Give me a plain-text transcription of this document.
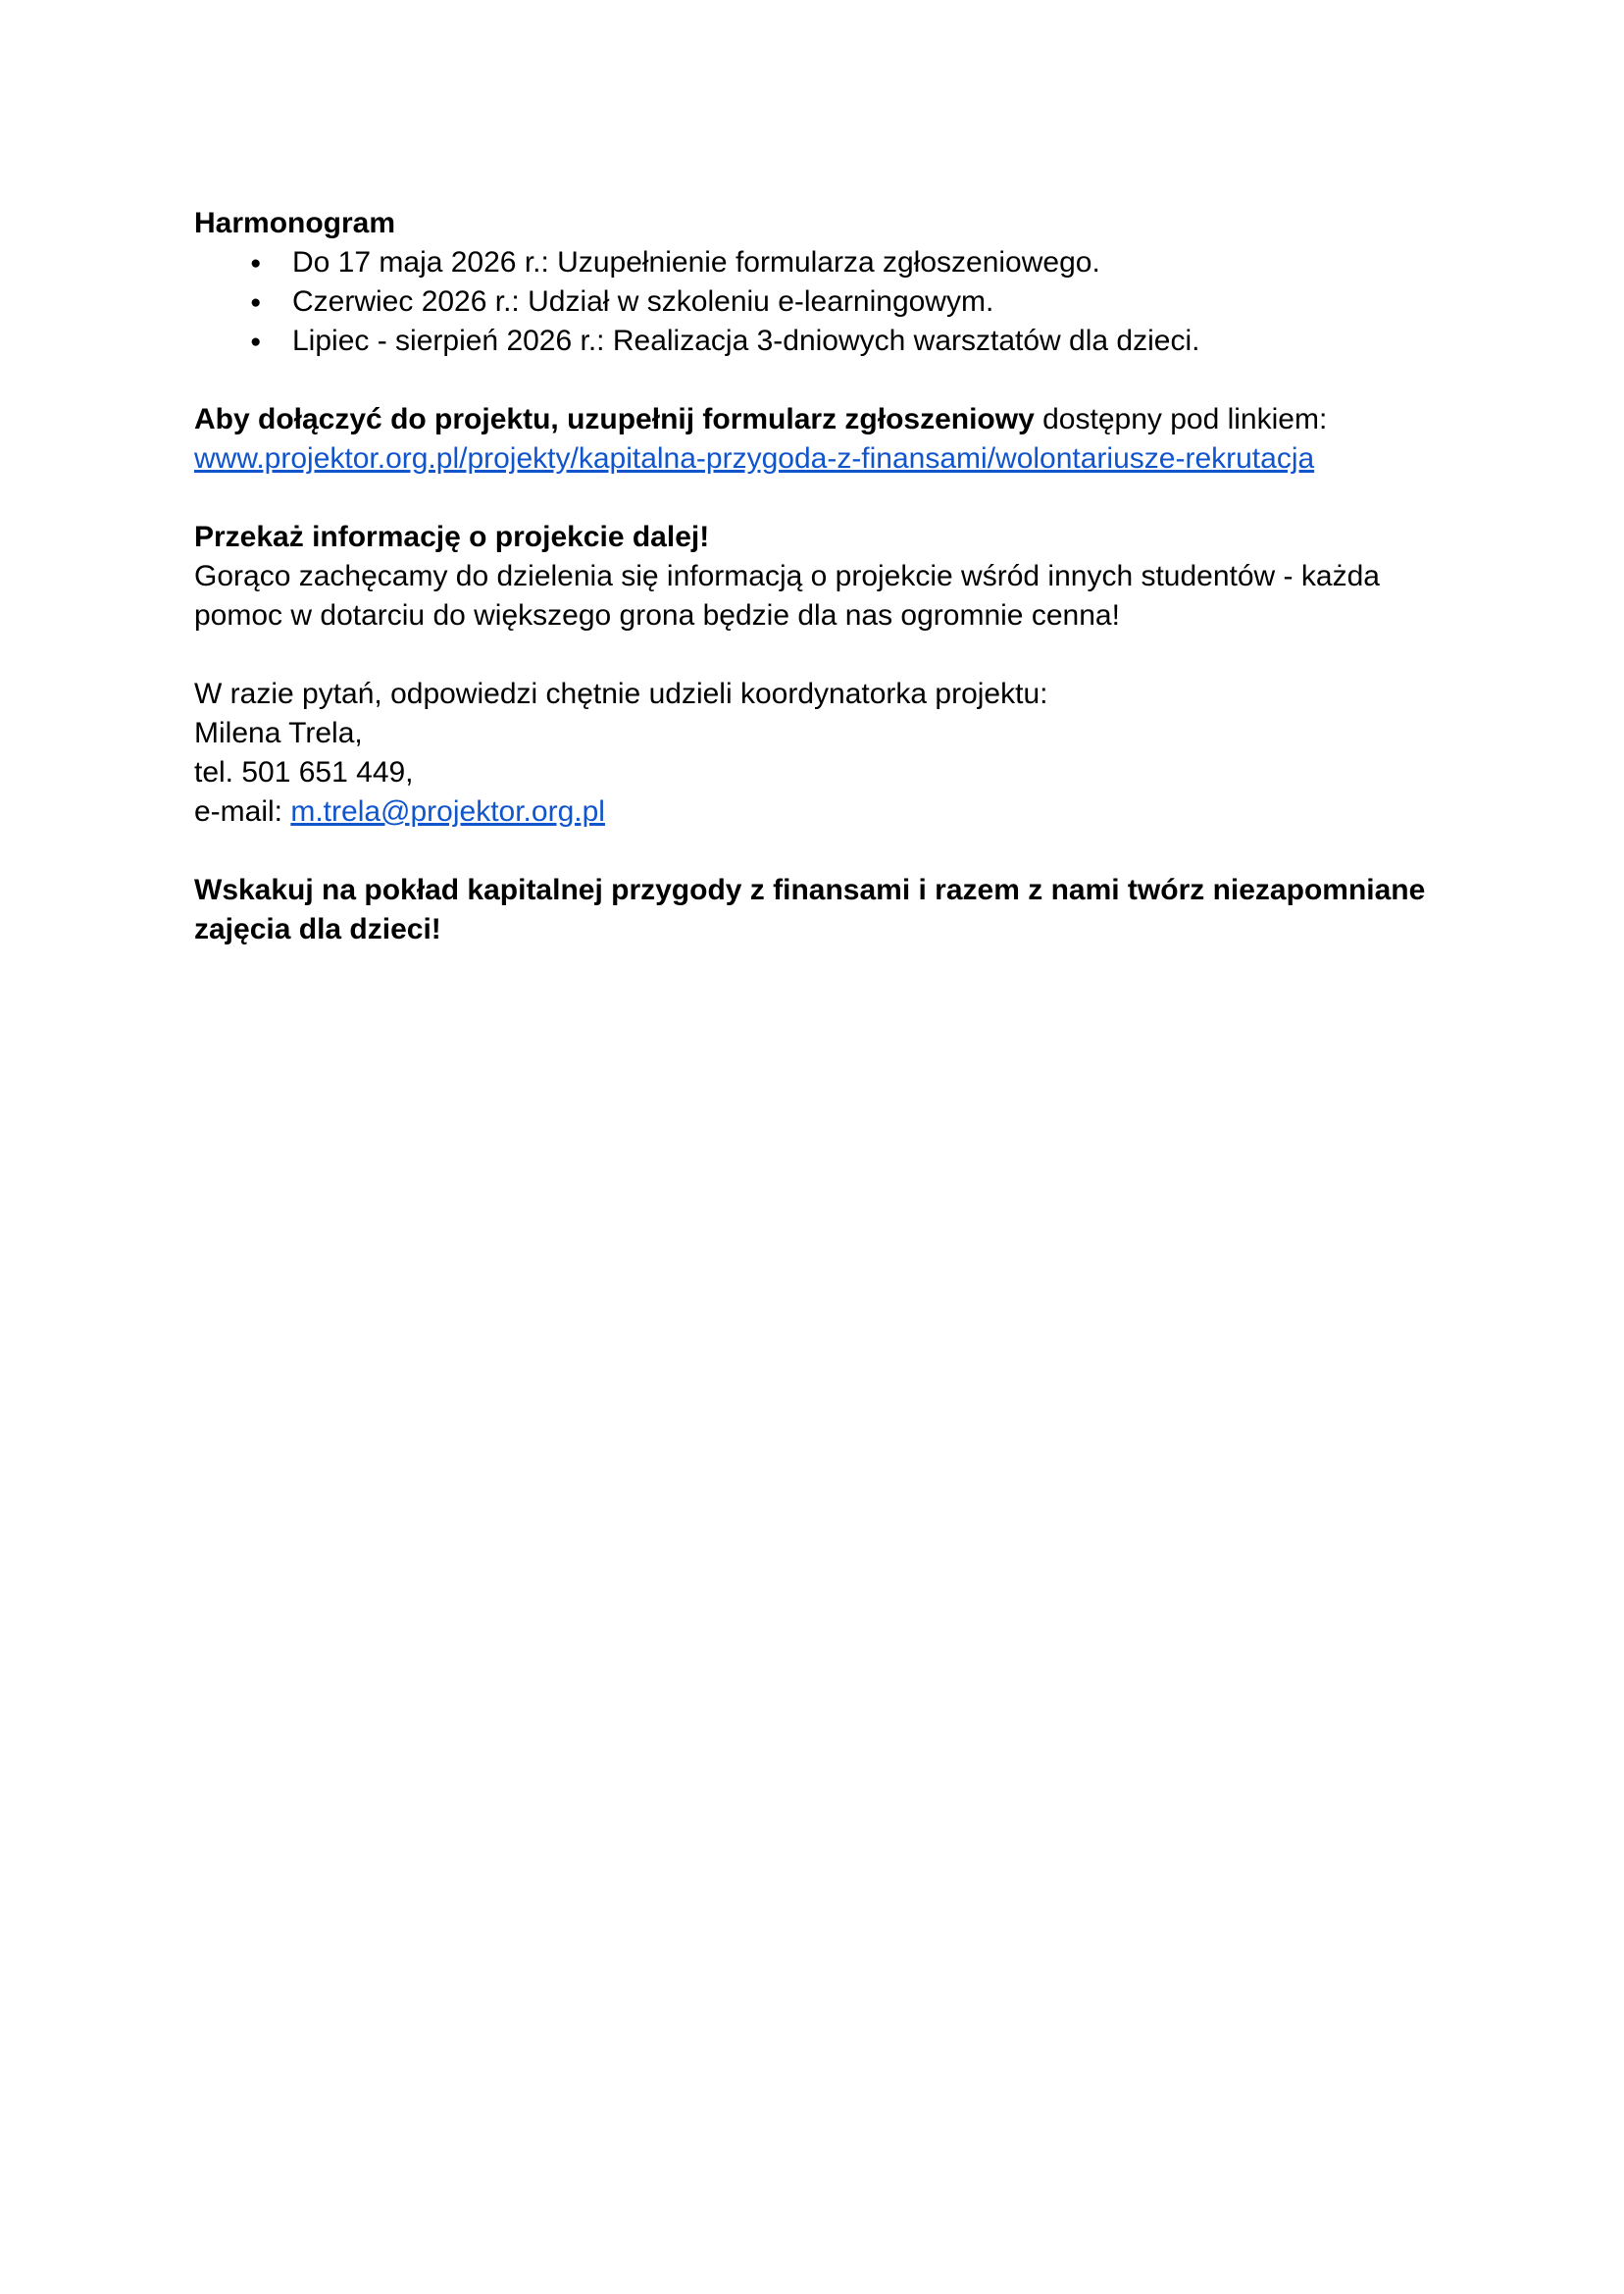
Harmonogram
● Do 17 maja 2026 r.: Uzupełnienie formularza zgłoszeniowego.
● Czerwiec 2026 r.: Udział w szkoleniu e-learningowym.
● Lipiec - sierpień 2026 r.: Realizacja 3-dniowych warsztatów dla dzieci.

Aby dołączyć do projektu, uzupełnij formularz zgłoszeniowy dostępny pod linkiem:
www.projektor.org.pl/projekty/kapitalna-przygoda-z-finansami/wolontariusze-rekrutacja

Przekaż informację o projekcie dalej!

Gorąco zachęcamy do dzielenia się informacją o projekcie wśród innych studentów - każda pomoc w dotarciu do większego grona będzie dla nas ogromnie cenna!

W razie pytań, odpowiedzi chętnie udzieli koordynatorka projektu:

Milena Trela,

tel. 501 651 449,

e-mail: m.trela@projektor.org.pl

Wskakuj na pokład kapitalnej przygody z finansami i razem z nami twórz niezapomniane zajęcia dla dzieci!
